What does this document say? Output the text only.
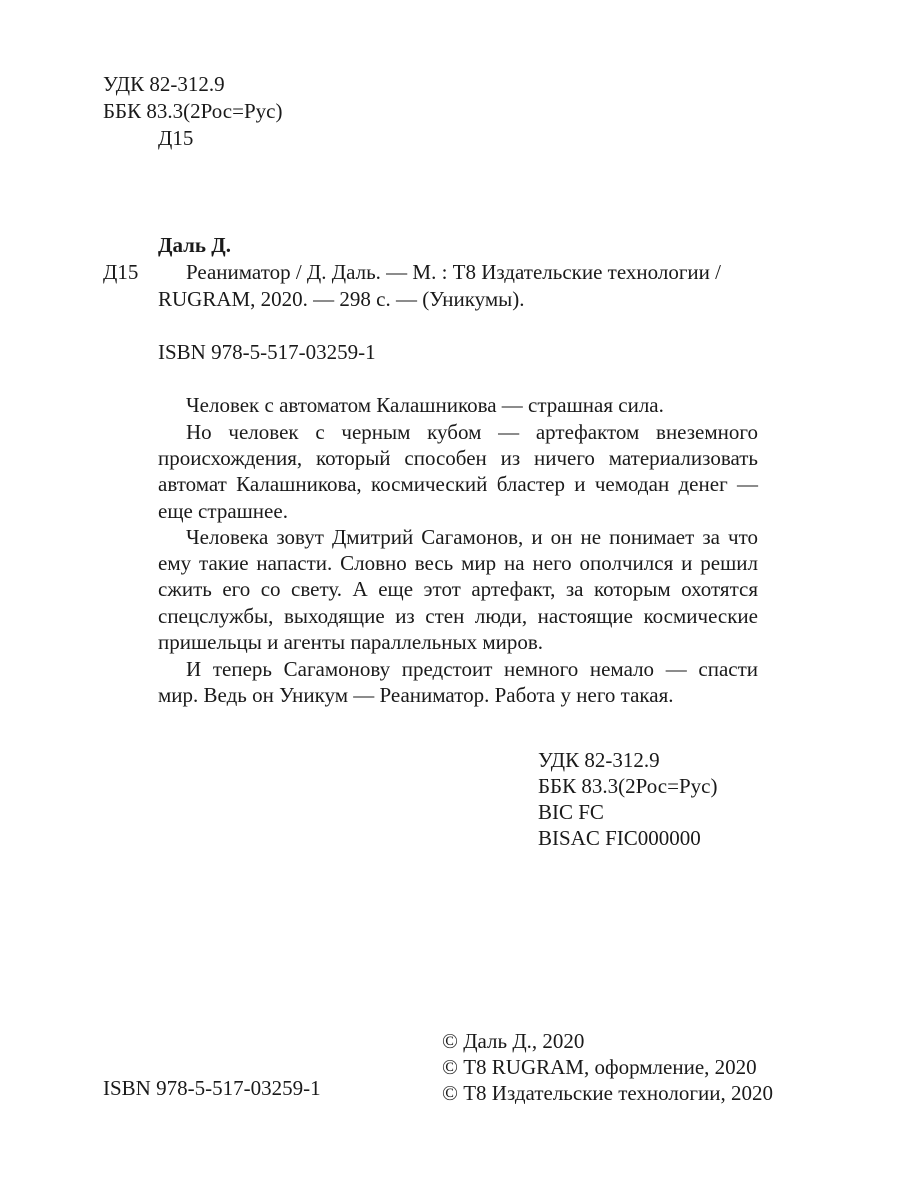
УДК 82-312.9
ББК 83.3(2Рос=Рус)
Д15
Даль Д.
Д15 Реаниматор / Д. Даль. — М. : Т8 Издательские технологии /
RUGRAM, 2020. — 298 с. — (Уникумы).
ISBN 978-5-517-03259-1
Человек с автоматом Калашникова — страшная сила.
Но человек с черным кубом — артефактом внеземного происхождения, который способен из ничего материализовать автомат Калашникова, космический бластер и чемодан денег — еще страшнее.
Человека зовут Дмитрий Сагамонов, и он не понимает за что ему такие напасти. Словно весь мир на него ополчился и решил сжить его со свету. А еще этот артефакт, за которым охотятся спецслужбы, выходящие из стен люди, настоящие космические пришельцы и агенты параллельных миров.
И теперь Сагамонову предстоит немного немало — спасти мир. Ведь он Уникум — Реаниматор. Работа у него такая.
УДК 82-312.9
ББК 83.3(2Рос=Рус)
BIC FC
BISAC FIC000000
ISBN 978-5-517-03259-1
© Даль Д., 2020
© Т8 RUGRAM, оформление, 2020
© Т8 Издательские технологии, 2020
